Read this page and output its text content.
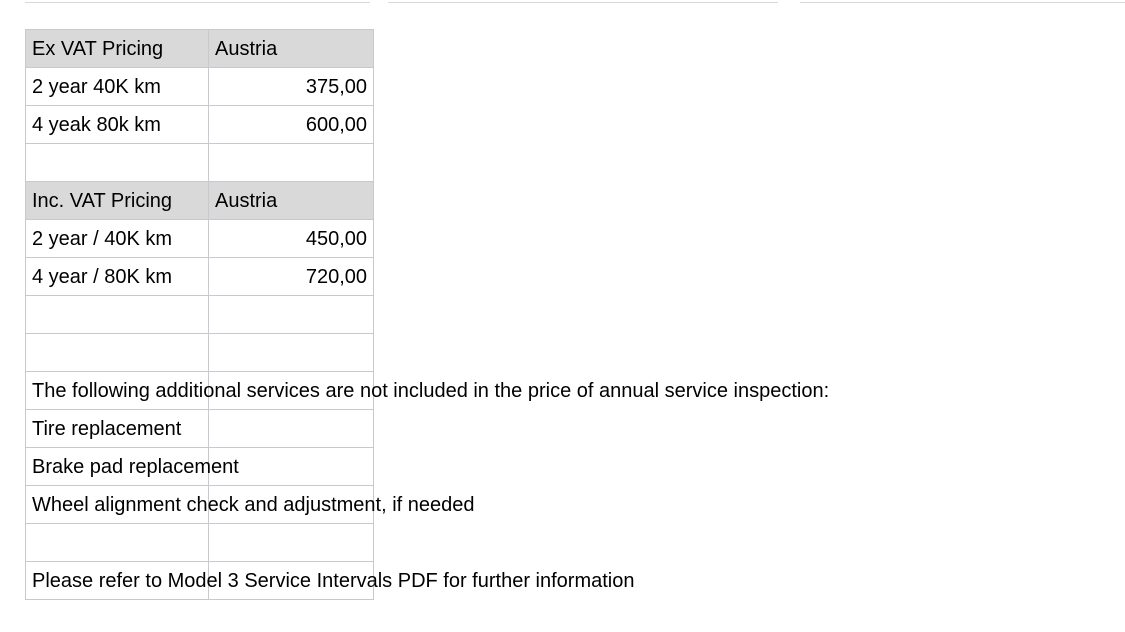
Ex VAT Pricing	Austria
2 year 40K km	375,00
4 yeak 80k km	600,00

Inc. VAT Pricing	Austria
2 year / 40K km	450,00
4 year / 80K km	720,00

The following additional services are not included in the price of annual service inspection:	

Tire replacement	

Brake pad replacement	

Wheel alignment check and adjustment, if needed	

Please refer to Model 3 Service Intervals PDF for further information	
